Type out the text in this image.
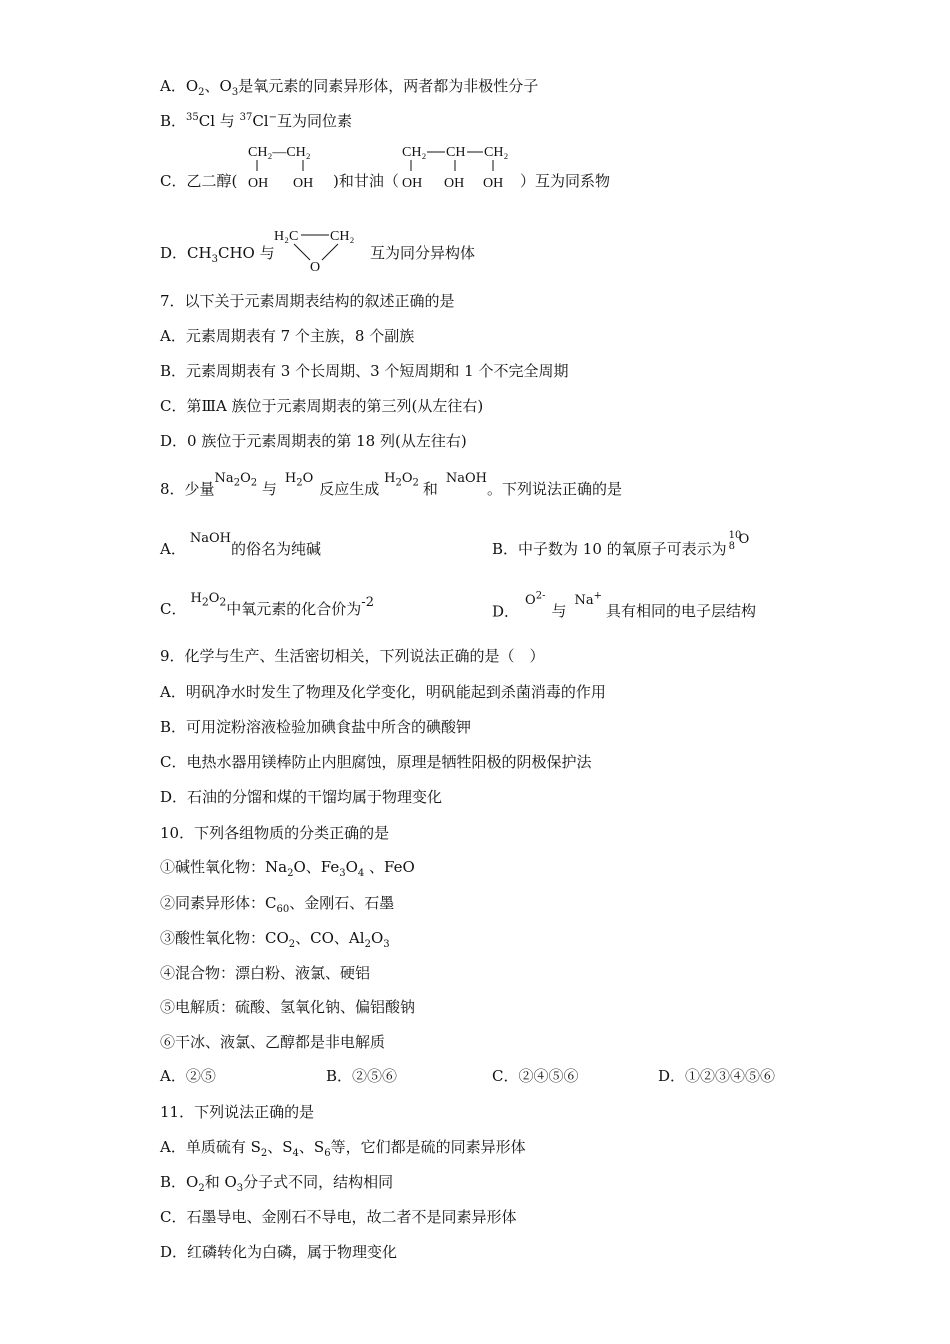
A．$O_2$、$O_3$是氧元素的同素异形体，两者都为非极性分子
B．$^{35}$Cl 与 $^{37}$Cl−互为同位素
C．乙二醇(
CH₂—CH₂
OH OH )和甘油（
CH₂ CH CH₂
OH OH OH ）互为同系物
D．$CH_3CHO$ 与
H₂C CH₂
O
互为同分异构体
7．以下关于元素周期表结构的叙述正确的是
A．元素周期表有 7 个主族，8 个副族
B．元素周期表有 3 个长周期、3 个短周期和 1 个不完全周期
C．第ⅢA 族位于元素周期表的第三列(从左往右)
D．0 族位于元素周期表的第 18 列(从左往右)
8．少量$Na_2O_2$ 与$H_2O$反应生成 $H_2O_2$ 和NaOH。下列说法正确的是
A．NaOH的俗名为纯碱	B．中子数为 10 的氧原子可表示为
10
8 O
C．$H_2O_2$中氧元素的化合价为-2	D．$O^{2-}$与Na+具有相同的电子层结构
9．化学与生产、生活密切相关，下列说法正确的是（　）
A．明矾净水时发生了物理及化学变化，明矾能起到杀菌消毒的作用
B．可用淀粉溶液检验加碘食盐中所含的碘酸钾
C．电热水器用镁棒防止内胆腐蚀，原理是牺牲阳极的阴极保护法
D．石油的分馏和煤的干馏均属于物理变化
10．下列各组物质的分类正确的是
①碱性氧化物：$Na_2O$、$Fe_3O_4$ 、FeO
②同素异形体：$C_{60}$、金刚石、石墨
③酸性氧化物：$CO_2$、CO、$Al_2O_3$
④混合物：漂白粉、液氯、硬铝
⑤电解质：硫酸、氢氧化钠、偏铝酸钠
⑥干冰、液氯、乙醇都是非电解质
A．②⑤	B．②⑤⑥	C．②④⑤⑥	D．①②③④⑤⑥
11．下列说法正确的是
A．单质硫有 $S_2$、$S_4$、$S_6$等，它们都是硫的同素异形体
B．$O_2$和 $O_3$分子式不同，结构相同
C．石墨导电、金刚石不导电，故二者不是同素异形体
D．红磷转化为白磷，属于物理变化
